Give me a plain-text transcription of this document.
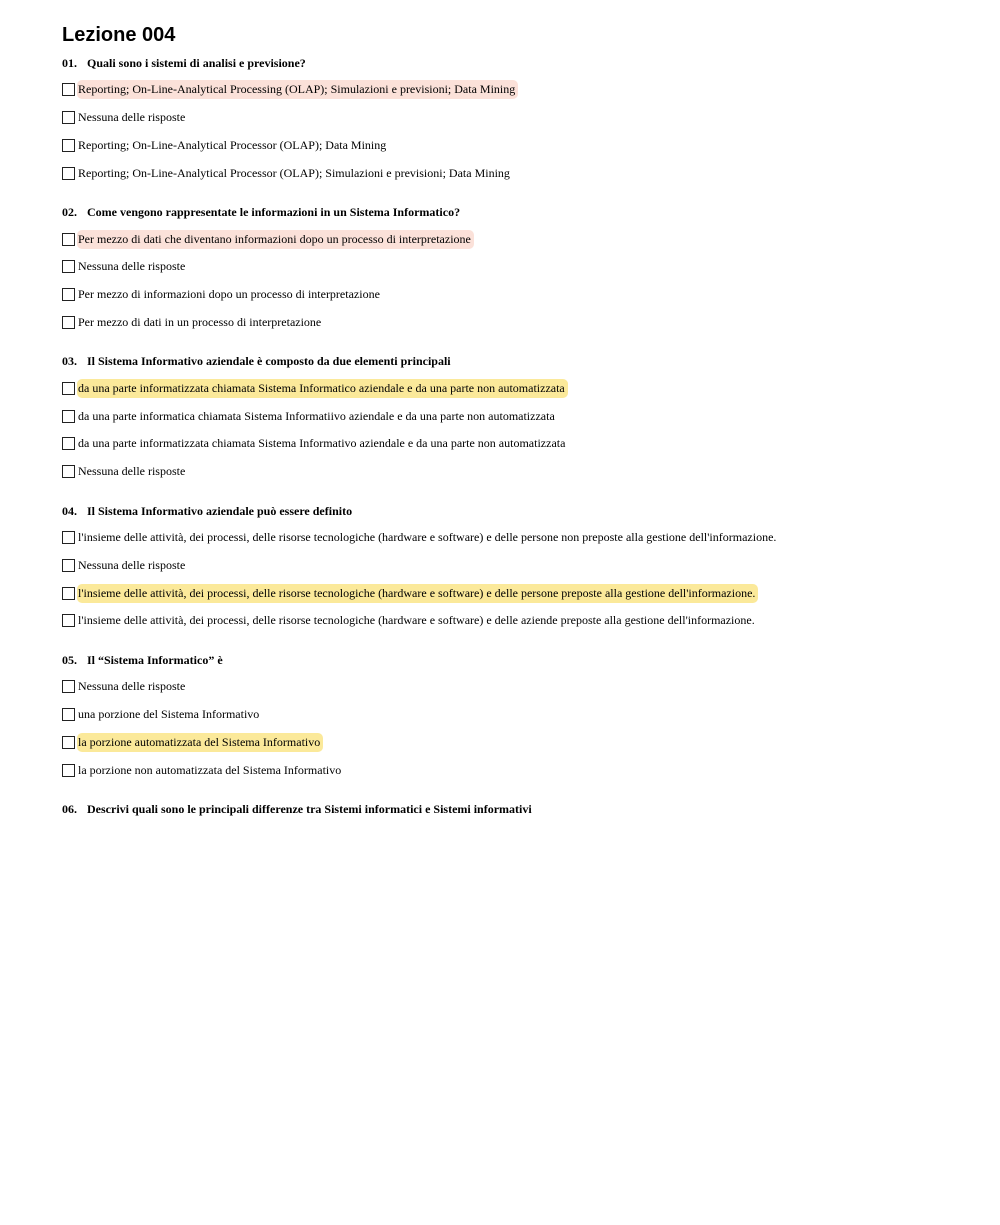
Lezione 004
01. Quali sono i sistemi di analisi e previsione?
Reporting; On-Line-Analytical Processing (OLAP); Simulazioni e previsioni; Data Mining
Nessuna delle risposte
Reporting; On-Line-Analytical Processor (OLAP); Data Mining
Reporting; On-Line-Analytical Processor (OLAP); Simulazioni e previsioni; Data Mining
02. Come vengono rappresentate le informazioni in un Sistema Informatico?
Per mezzo di dati che diventano informazioni dopo un processo di interpretazione
Nessuna delle risposte
Per mezzo di informazioni dopo un processo di interpretazione
Per mezzo di dati in un processo di interpretazione
03. Il Sistema Informativo aziendale è composto da due elementi principali
da una parte informatizzata chiamata Sistema Informatico aziendale e da una parte non automatizzata
da una parte informatica chiamata Sistema Informatiivo aziendale e da una parte non automatizzata
da una parte informatizzata chiamata Sistema Informativo aziendale e da una parte non automatizzata
Nessuna delle risposte
04. Il Sistema Informativo aziendale può essere definito
l'insieme delle attività, dei processi, delle risorse tecnologiche (hardware e software) e delle persone non preposte alla gestione dell'informazione.
Nessuna delle risposte
l'insieme delle attività, dei processi, delle risorse tecnologiche (hardware e software) e delle persone preposte alla gestione dell'informazione.
l'insieme delle attività, dei processi, delle risorse tecnologiche (hardware e software) e delle aziende preposte alla gestione dell'informazione.
05. Il “Sistema Informatico” è
Nessuna delle risposte
una porzione del Sistema Informativo
la porzione automatizzata del Sistema Informativo
la porzione non automatizzata del Sistema Informativo
06. Descrivi quali sono le principali differenze tra Sistemi informatici e Sistemi informativi
